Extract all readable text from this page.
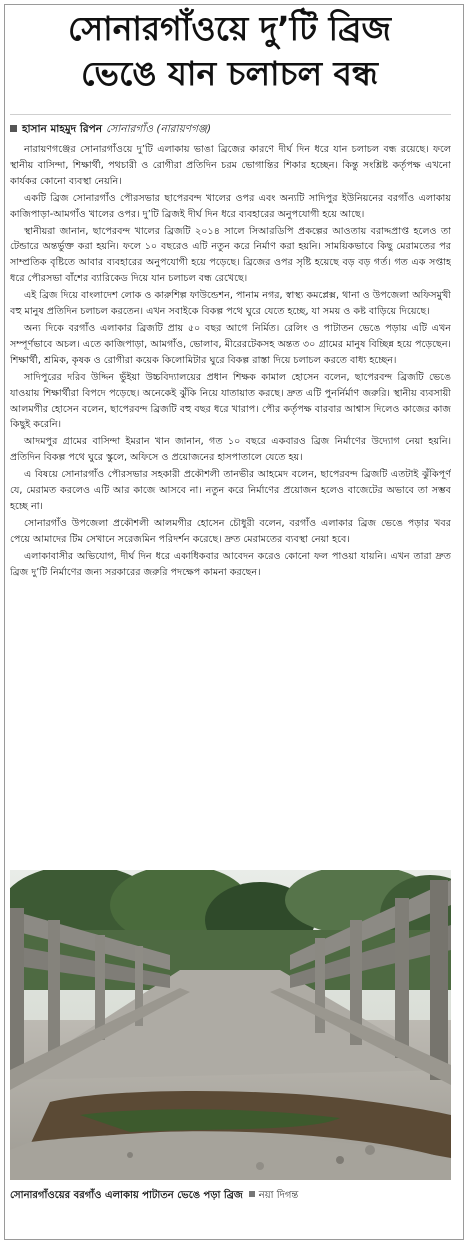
সোনারগাঁওয়ে দু’টি ব্রিজ
ভেঙে যান চলাচল বন্ধ
হাসান মাহমুদ রিপন সোনারগাঁও (নারায়ণগঞ্জ)

নারায়ণগঞ্জের সোনারগাঁওয়ে দু’টি এলাকায় ভাঙা ব্রিজের কারণে দীর্ঘ দিন ধরে যান চলাচল বন্ধ রয়েছে। ফলে স্থানীয় বাসিন্দা, শিক্ষার্থী, পথচারী ও রোগীরা প্রতিদিন চরম ভোগান্তির শিকার হচ্ছেন। কিন্তু সংশ্লিষ্ট কর্তৃপক্ষ এখনো কার্যকর কোনো ব্যবস্থা নেয়নি।

একটি ব্রিজ সোনারগাঁও পৌরসভার ছাপেরবন্দ খালের ওপর এবং অন্যটি সাদিপুর ইউনিয়নের বরগাঁও এলাকায় কাজিপাড়া-আমগাঁও খালের ওপর। দু’টি ব্রিজই দীর্ঘ দিন ধরে ব্যবহারের অনুপযোগী হয়ে আছে।

স্থানীয়রা জানান, ছাপেরবন্দ খালের ব্রিজটি ২০১৪ সালে সিআরডিপি প্রকল্পের আওতায় বরাদ্দপ্রাপ্ত হলেও তা টেন্ডারে অন্তর্ভুক্ত করা হয়নি। ফলে ১০ বছরেও এটি নতুন করে নির্মাণ করা হয়নি। সাময়িকভাবে কিছু মেরামতের পর সাম্প্রতিক বৃষ্টিতে আবার ব্যবহারের অনুপযোগী হয়ে পড়েছে। ব্রিজের ওপর সৃষ্টি হয়েছে বড় বড় গর্ত। গত এক সপ্তাহ ধরে পৌরসভা বাঁশের ব্যারিকেড দিয়ে যান চলাচল বন্ধ রেখেছে।

এই ব্রিজ দিয়ে বাংলাদেশ লোক ও কারুশিল্প ফাউন্ডেশন, পানাম নগর, স্বাস্থ্য কমপ্লেক্স, থানা ও উপজেলা অফিসমুখী বহু মানুষ প্রতিদিন চলাচল করতেন। এখন সবাইকে বিকল্প পথে ঘুরে যেতে হচ্ছে, যা সময় ও কষ্ট বাড়িয়ে দিয়েছে।

অন্য দিকে বরগাঁও এলাকার ব্রিজটি প্রায় ৫০ বছর আগে নির্মিত। রেলিং ও পাটাতন ভেঙে পড়ায় এটি এখন সম্পূর্ণভাবে অচল। এতে কাজিপাড়া, আমগাঁও, ভোলাব, মীরেরটেকসহ অন্তত ৩০ গ্রামের মানুষ বিচ্ছিন্ন হয়ে পড়েছেন। শিক্ষার্থী, শ্রমিক, কৃষক ও রোগীরা কয়েক কিলোমিটার ঘুরে বিকল্প রাস্তা দিয়ে চলাচল করতে বাধ্য হচ্ছেন।

সাদিপুরের দরিব উদ্দিন ভুঁইয়া উচ্চবিদ্যালয়ের প্রধান শিক্ষক কামাল হোসেন বলেন, ছাপেরবন্দ ব্রিজটি ভেঙে যাওয়ায় শিক্ষার্থীরা বিপদে পড়েছে। অনেকেই ঝুঁকি নিয়ে যাতায়াত করছে। দ্রুত এটি পুনর্নির্মাণ জরুরি। স্থানীয় ব্যবসায়ী আলমগীর হোসেন বলেন, ছাপেরবন্দ ব্রিজটি বহু বছর ধরে খারাপ। পৌর কর্তৃপক্ষ বারবার আশ্বাস দিলেও কাজের কাজ কিছুই করেনি।

আদমপুর গ্রামের বাসিন্দা ইমরান খান জানান, গত ১০ বছরে একবারও ব্রিজ নির্মাণের উদ্যোগ নেয়া হয়নি। প্রতিদিন বিকল্প পথে ঘুরে স্কুলে, অফিসে ও প্রয়োজনের হাসপাতালে যেতে হয়।

এ বিষয়ে সোনারগাঁও পৌরসভার সহকারী প্রকৌশলী তানভীর আহমেদ বলেন, ছাপেরবন্দ ব্রিজটি এতটাই ঝুঁকিপূর্ণ যে, মেরামত করলেও এটি আর কাজে আসবে না। নতুন করে নির্মাণের প্রয়োজন হলেও বাজেটের অভাবে তা সম্ভব হচ্ছে না।

সোনারগাঁও উপজেলা প্রকৌশলী আলমগীর হোসেন চৌধুরী বলেন, বরগাঁও এলাকার ব্রিজ ভেঙে পড়ার খবর পেয়ে আমাদের টিম সেখানে সরেজমিন পরিদর্শন করেছে। দ্রুত মেরামতের ব্যবস্থা নেয়া হবে।

এলাকাবাসীর অভিযোগ, দীর্ঘ দিন ধরে একাধিকবার আবেদন করেও কোনো ফল পাওয়া যায়নি। এখন তারা দ্রুত ব্রিজ দু’টি নির্মাণের জন্য সরকারের জরুরি পদক্ষেপ কামনা করছেন।

সোনারগাঁওয়ের বরগাঁও এলাকায় পাটাতন ভেঙে পড়া ব্রিজ নয়া দিগন্ত
